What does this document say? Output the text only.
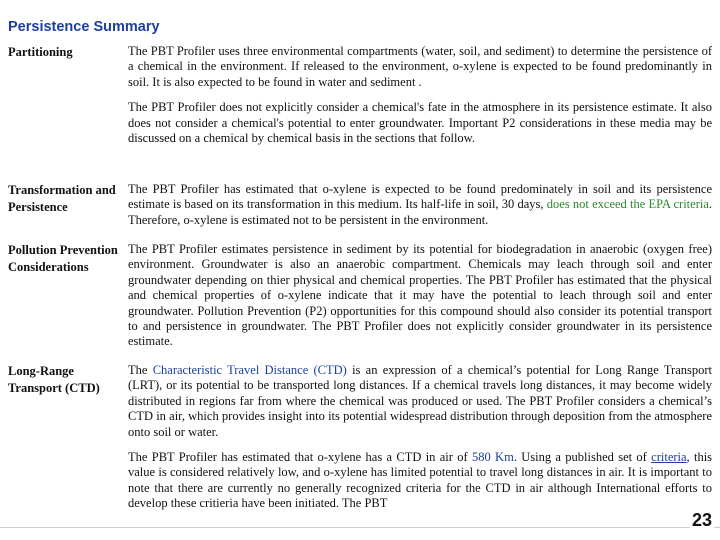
Persistence Summary
Partitioning	The PBT Profiler uses three environmental compartments (water, soil, and sediment) to determine the persistence of a chemical in the environment. If released to the environment, o-xylene is expected to be found predominantly in soil. It is also expected to be found in water and sediment .

The PBT Profiler does not explicitly consider a chemical's fate in the atmosphere in its persistence estimate. It also does not consider a chemical's potential to enter groundwater. Important P2 considerations in these media may be discussed on a chemical by chemical basis in the sections that follow.

Transformation and Persistence

The PBT Profiler has estimated that o-xylene is expected to be found predominately in soil and its persistence estimate is based on its transformation in this medium. Its half-life in soil, 30 days, does not exceed the EPA criteria. Therefore, o-xylene is estimated not to be persistent in the environment.

Pollution Prevention Considerations

The PBT Profiler estimates persistence in sediment by its potential for biodegradation in anaerobic (oxygen free) environment. Groundwater is also an anaerobic compartment. Chemicals may leach through soil and enter groundwater depending on thier physical and chemical properties. The PBT Profiler has estimated that the physical and chemical properties of o-xylene indicate that it may have the potential to leach through soil and enter groundwater. Pollution Prevention (P2) opportunities for this compound should also consider its potential transport to and persistence in groundwater. The PBT Profiler does not explicitly consider groundwater in its persistence estimate.

Long-Range Transport (CTD)

The Characteristic Travel Distance (CTD) is an expression of a chemical’s potential for Long Range Transport (LRT), or its potential to be transported long distances. If a chemical travels long distances, it may become widely distributed in regions far from where the chemical was produced or used. The PBT Profiler considers a chemical’s CTD in air, which provides insight into its potential widespread distribution through deposition from the atmosphere onto soil or water.

The PBT Profiler has estimated that o-xylene has a CTD in air of 580 Km. Using a published set of criteria, this value is considered relatively low, and o-xylene has limited potential to travel long distances in air. It is important to note that there are currently no generally recognized criteria for the CTD in air although International efforts to develop these critieria have been initiated. The PBT

23
